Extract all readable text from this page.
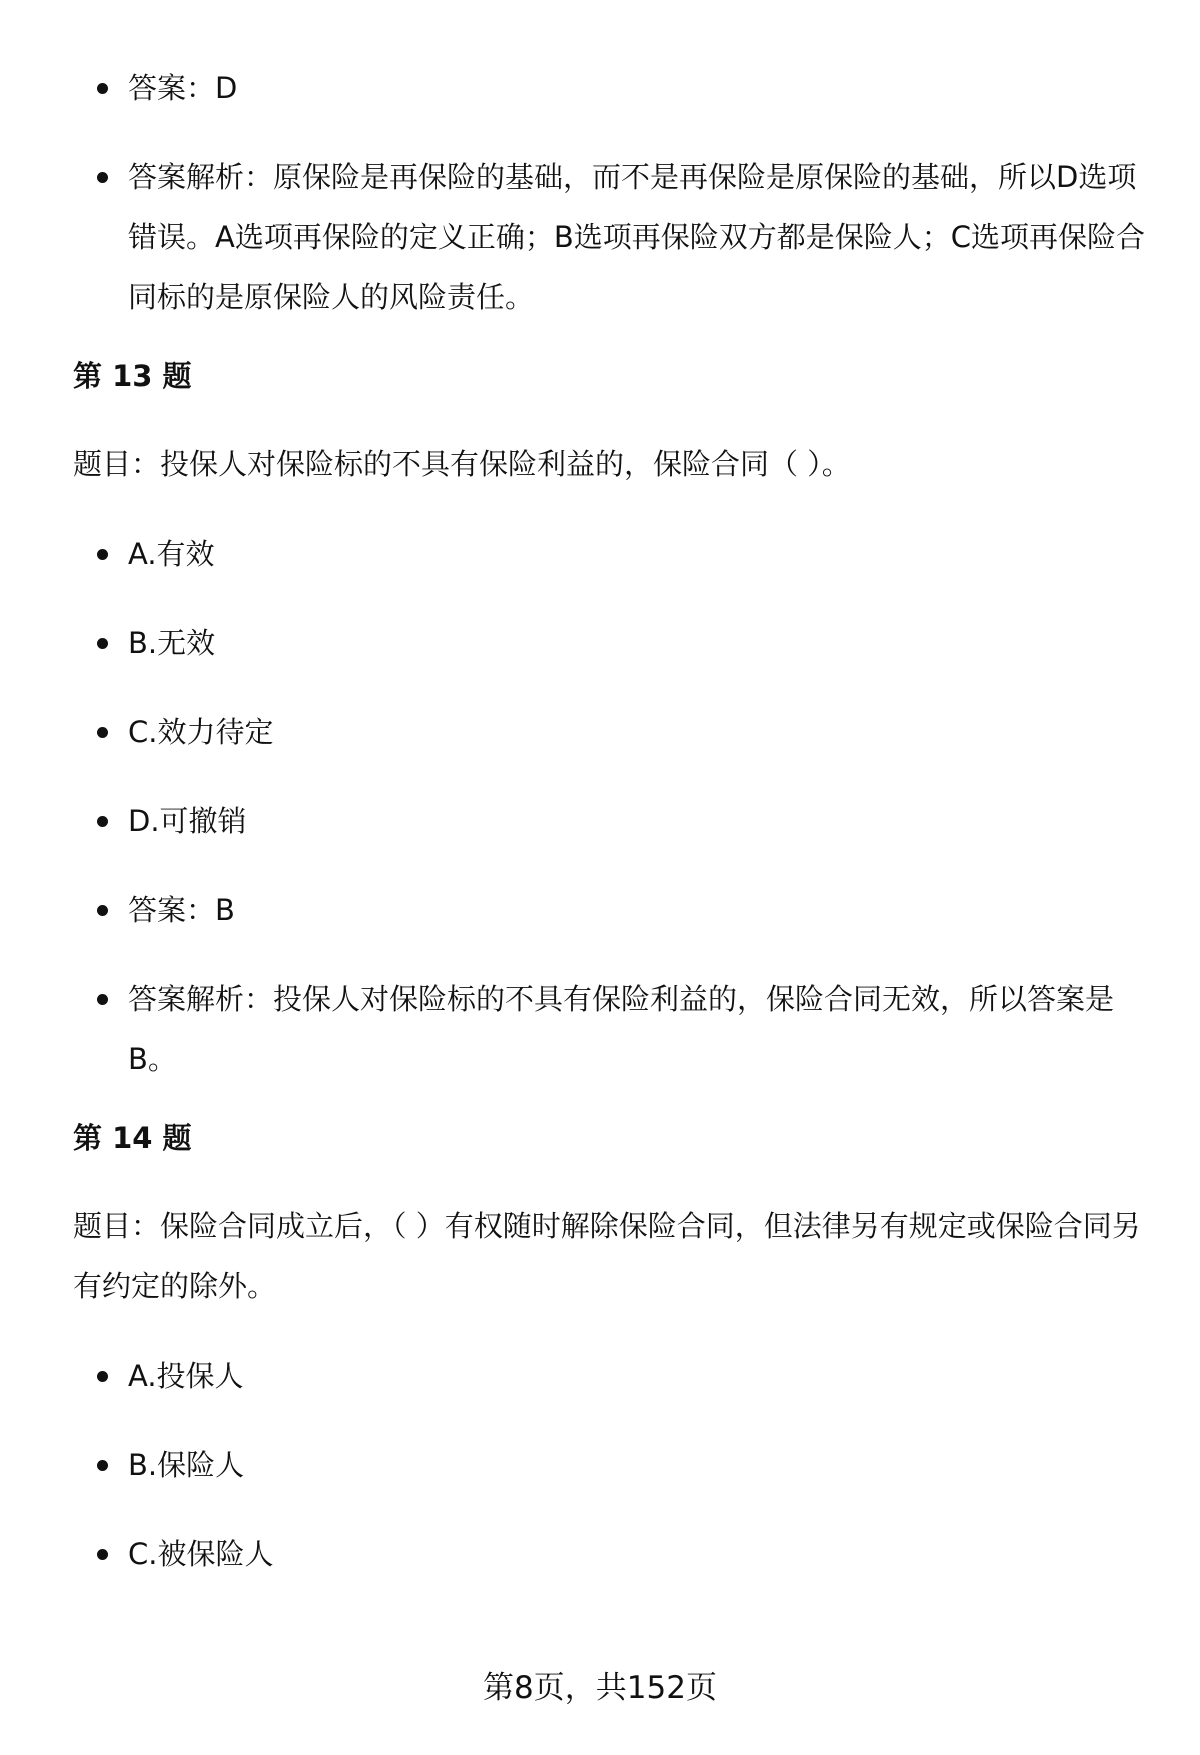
答案：D
答案解析：原保险是再保险的基础，而不是再保险是原保险的基础，所以D选项错误。A选项再保险的定义正确；B选项再保险双方都是保险人；C选项再保险合同标的是原保险人的风险责任。
第 13 题
题目：投保人对保险标的不具有保险利益的，保险合同（ ）。
A.有效
B.无效
C.效力待定
D.可撤销
答案：B
答案解析：投保人对保险标的不具有保险利益的，保险合同无效，所以答案是B。
第 14 题
题目：保险合同成立后，（ ）有权随时解除保险合同，但法律另有规定或保险合同另有约定的除外。
A.投保人
B.保险人
C.被保险人
第8页，共152页
